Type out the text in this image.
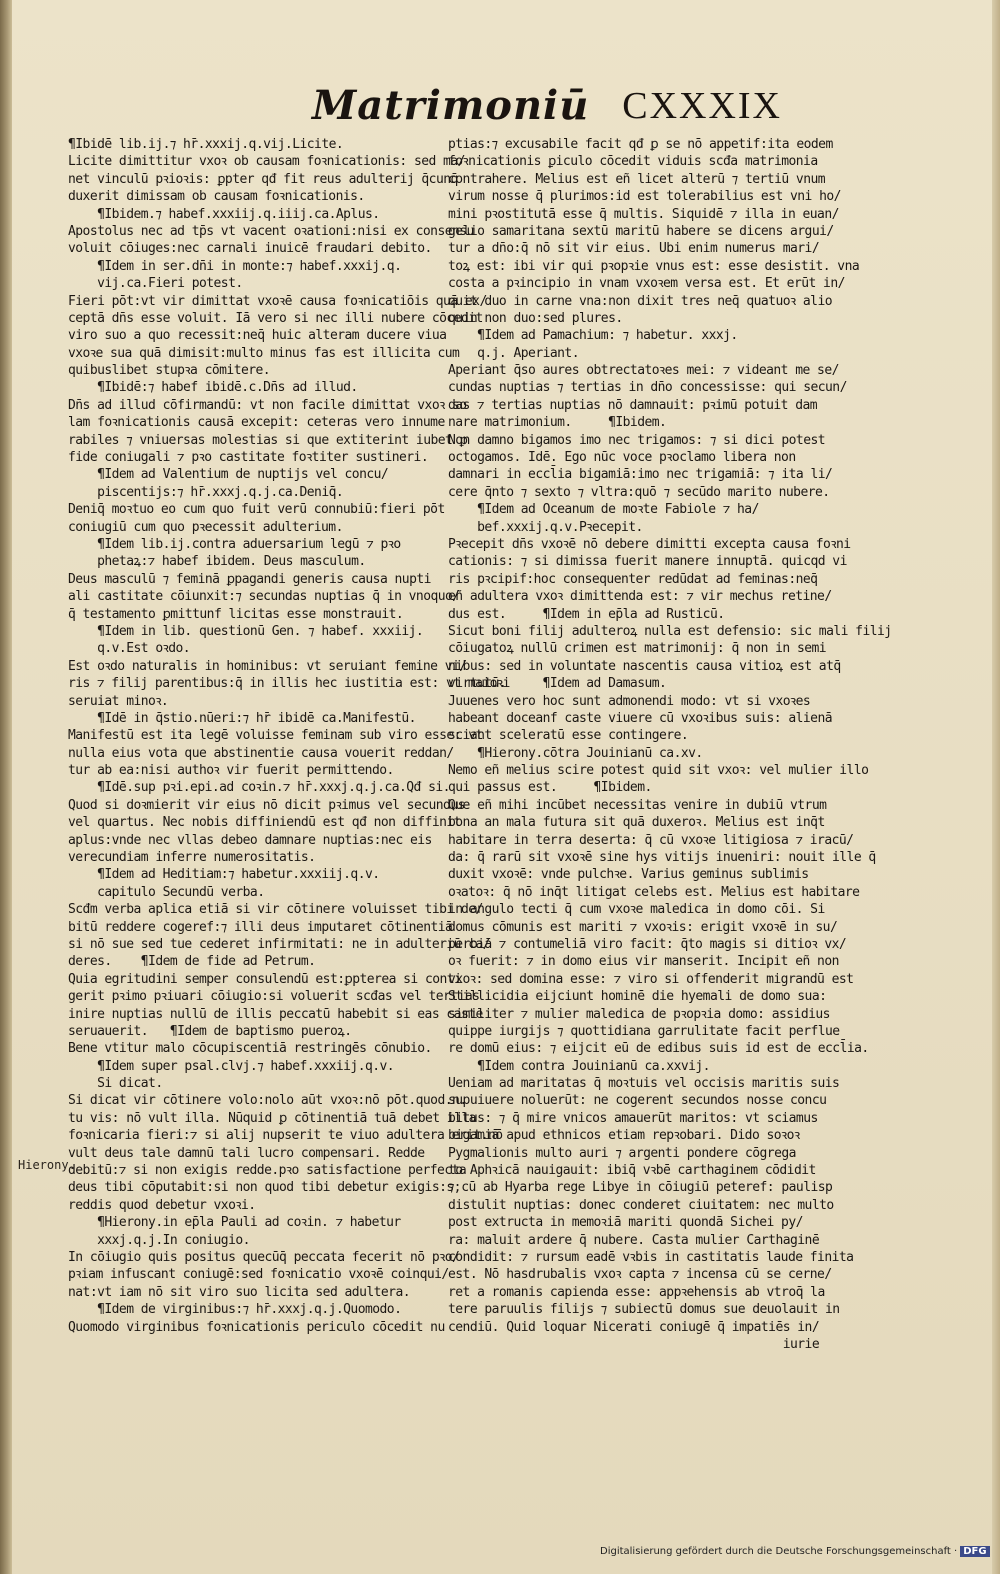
Matrimoniū CXXXIX
¶Ibidē lib.ij.⁊ hr̄.xxxij.q.vij.Licite.
Licite dimittitur vxoꝛ ob causam foꝛnicationis: sed ma/
net vinculū pꝛioꝛis: ꝑpter qđ fit reus adulterij q̄cunq̄
duxerit dimissam ob causam foꝛnicationis.
¶Ibidem.⁊ habef.xxxiij.q.iiij.ca.Aplus.
Apostolus nec ad tp̄s vt vacent oꝛationi:nisi ex consensu
voluit cōiuges:nec carnali inuicē fraudari debito.
¶Idem in ser.dn̄i in monte:⁊ habef.xxxij.q.
vij.ca.Fieri potest.
Fieri pōt:vt vir dimittat vxoꝛē causa foꝛnicatiōis quā ex/
ceptā dn̄s esse voluit. Iā vero si nec illi nubere cōcedit
viro suo a quo recessit:neq̄ huic alteram ducere viua
vxoꝛe sua quā dimisit:multo minus fas est illicita cum
quibuslibet stupꝛa cōmitere.
¶Ibidē:⁊ habef ibidē.c.Dn̄s ad illud.
Dn̄s ad illud cōfirmandū: vt non facile dimittat vxoꝛ so
lam foꝛnicationis causā excepit: ceteras vero innume
rabiles ⁊ vniuersas molestias si que extiterint iubet ꝑ
fide coniugali ⁊ pꝛo castitate foꝛtiter sustineri.
¶Idem ad Valentium de nuptijs vel concu/
piscentijs:⁊ hr̄.xxxj.q.j.ca.Deniq̄.
Deniq̄ moꝛtuo eo cum quo fuit verū connubiū:fieri pōt
coniugiū cum quo pꝛecessit adulterium.
¶Idem lib.ij.contra aduersarium legū ⁊ pꝛo
phetaꝝ:⁊ habef ibidem. Deus masculum.
Deus masculū ⁊ feminā ꝑpagandi generis causa nupti
ali castitate cōiunxit:⁊ secundas nuptias q̄ in vnoquo/
q̄ testamento ꝑmittunf licitas esse monstrauit.
¶Idem in lib. questionū Gen. ⁊ habef. xxxiij.
q.v.Est oꝛdo.
Est oꝛdo naturalis in hominibus: vt seruiant femine vi/
ris ⁊ filij parentibus:q̄ in illis hec iustitia est: vt maioꝛi
seruiat minoꝛ.
¶Idē in q̄stio.nūeri:⁊ hr̄ ibidē ca.Manifestū.
Manifestū est ita legē voluisse feminam sub viro esse: vt
nulla eius vota que abstinentie causa vouerit reddan/
tur ab ea:nisi authoꝛ vir fuerit permittendo.
¶Idē.sup pꝛi.epi.ad coꝛin.⁊ hr̄.xxxj.q.j.ca.Qđ si.
Quod si doꝛmierit vir eius nō dicit pꝛimus vel secundus
vel quartus. Nec nobis diffiniendū est qđ non diffinit
aplus:vnde nec vllas debeo damnare nuptias:nec eis
verecundiam inferre numerositatis.
¶Idem ad Heditiam:⁊ habetur.xxxiij.q.v.
capitulo Secundū verba.
Scđm verba aplica etiā si vir cōtinere voluisset tibi de/
bitū reddere cogeref:⁊ illi deus imputaret cōtinentiā
si nō sue sed tue cederet infirmitati: ne in adulteriū ca/
deres.    ¶Idem de fide ad Petrum.
Quia egritudini semper consulendū est:ꝑpterea si conti
gerit pꝛimo pꝛiuari cōiugio:si voluerit scđas vel tertias
inire nuptias nullū de illis peccatū habebit si eas caste
seruauerit.   ¶Idem de baptismo pueroꝝ.
Bene vtitur malo cōcupiscentiā restringēs cōnubio.
¶Idem super psal.clvj.⁊ habef.xxxiij.q.v.
Si dicat.
Si dicat vir cōtinere volo:nolo aūt vxoꝛ:nō pōt.quod.n.
tu vis: nō vult illa. Nūquid ꝑ cōtinentiā tuā debet illa
foꝛnicaria fieri:⁊ si alij nupserit te viuo adultera erit.nō
vult deus tale damnū tali lucro compensari. Redde
debitū:⁊ si non exigis redde.pꝛo satisfactione perfecta
deus tibi cōputabit:si non quod tibi debetur exigis:s;
reddis quod debetur vxoꝛi.
¶Hierony.in ep̄la Pauli ad coꝛin. ⁊ habetur
xxxj.q.j.In coniugio.
In cōiugio quis positus quecūq̄ peccata fecerit nō pꝛo/
pꝛiam infuscant coniugē:sed foꝛnicatio vxoꝛē coinqui/
nat:vt iam nō sit viro suo licita sed adultera.
¶Idem de virginibus:⁊ hr̄.xxxj.q.j.Quomodo.
Quomodo virginibus foꝛnicationis periculo cōcedit nu
ptias:⁊ excusabile facit qđ ꝑ se nō appetif:ita eodem
foꝛnicationis ꝑiculo cōcedit viduis scđa matrimonia
contrahere. Melius est eñ licet alterū ⁊ tertiū vnum
virum nosse q̄ plurimos:id est tolerabilius est vni ho/
mini pꝛostitutā esse q̄ multis. Siquidē ⁊ illa in euan/
gelio samaritana sextū maritū habere se dicens argui/
tur a dn̄o:q̄ nō sit vir eius. Ubi enim numerus mari/
toꝝ est: ibi vir qui pꝛopꝛie vnus est: esse desistit. vna
costa a pꝛincipio in vnam vxoꝛem versa est. Et erūt in/
quit duo in carne vna:non dixit tres neq̄ quatuoꝛ alio
quin non duo:sed plures.
¶Idem ad Pamachium: ⁊ habetur. xxxj.
q.j. Aperiant.
Aperiant q̄so aures obtrectatoꝛes mei: ⁊ videant me se/
cundas nuptias ⁊ tertias in dn̄o concessisse: qui secun/
das ⁊ tertias nuptias nō damnauit: pꝛimū potuit dam
nare matrimonium.     ¶Ibidem.
Non damno bigamos imo nec trigamos: ⁊ si dici potest
octogamos. Idē. Ego nūc voce pꝛoclamo libera non
damnari in eccl̄ia bigamiā:imo nec trigamiā: ⁊ ita li/
cere q̄nto ⁊ sexto ⁊ vltra:quō ⁊ secūdo marito nubere.
¶Idem ad Oceanum de moꝛte Fabiole ⁊ ha/
bef.xxxij.q.v.Pꝛecepit.
Pꝛecepit dn̄s vxoꝛē nō debere dimitti excepta causa foꝛni
cationis: ⁊ si dimissa fuerit manere innuptā. quicqd vi
ris pꝛcipif:hoc consequenter redūdat ad feminas:neq̄
eñ adultera vxoꝛ dimittenda est: ⁊ vir mechus retine/
dus est.     ¶Idem in ep̄la ad Rusticū.
Sicut boni filij adulteroꝝ nulla est defensio: sic mali filij
cōiugatoꝝ nullū crimen est matrimonij: q̄ non in semi
nibus: sed in voluntate nascentis causa vitioꝝ est atq̄
virtutū.     ¶Idem ad Damasum.
Juuenes vero hoc sunt admonendi modo: vt si vxoꝛes
habeant doceanf caste viuere cū vxoꝛibus suis: alienā
sciant sceleratū esse contingere.
¶Hierony.cōtra Jouinianū ca.xv.
Nemo eñ melius scire potest quid sit vxoꝛ: vel mulier illo
qui passus est.     ¶Ibidem.
Que eñ mihi incūbet necessitas venire in dubiū vtrum
bona an mala futura sit quā duxeroꝛ. Melius est inq̄t
habitare in terra deserta: q̄ cū vxoꝛe litigiosa ⁊ iracū/
da: q̄ rarū sit vxoꝛē sine hys vitijs inueniri: nouit ille q̄
duxit vxoꝛē: vnde pulchꝛe. Varius geminus sublimis
oꝛatoꝛ: q̄ nō inq̄t litigat celebs est. Melius est habitare
in angulo tecti q̄ cum vxoꝛe maledica in domo cōi. Si
domus cōmunis est mariti ⁊ vxoꝛis: erigit vxoꝛē in su/
perbiā ⁊ contumeliā viro facit: q̄to magis si ditioꝛ vx/
oꝛ fuerit: ⁊ in domo eius vir manserit. Incipit eñ non
vxoꝛ: sed domina esse: ⁊ viro si offenderit migrandū est
Stillicidia eijciunt hominē die hyemali de domo sua:
similiter ⁊ mulier maledica de pꝛopꝛia domo: assidius
quippe iurgijs ⁊ quottidiana garrulitate facit perflue
re domū eius: ⁊ eijcit eū de edibus suis id est de eccl̄ia.
¶Idem contra Jouinianū ca.xxvij.
Ueniam ad maritatas q̄ moꝛtuis vel occisis maritis suis
supuiuere noluerūt: ne cogerent secundos nosse concu
bitus: ⁊ q̄ mire vnicos amauerūt maritos: vt sciamus
bigamiā apud ethnicos etiam repꝛobari. Dido soꝛoꝛ
Pygmalionis multo auri ⁊ argenti pondere cōgrega
to Aphꝛicā nauigauit: ibiq̄ vꝛbē carthaginem cōdidit
⁊ cū ab Hyarba rege Libye in cōiugiū peteref: paulisp
distulit nuptias: donec conderet ciuitatem: nec multo
post extructa in memoꝛiā mariti quondā Sichei py/
ra: maluit ardere q̄ nubere. Casta mulier Carthaginē
condidit: ⁊ rursum eadē vꝛbis in castitatis laude finita
est. Nō hasdrubalis vxoꝛ capta ⁊ incensa cū se cerne/
ret a romanis capienda esse: appꝛehensis ab vtroq̄ la
tere paruulis filijs ⁊ subiectū domus sue deuolauit in
cendiū. Quid loquar Nicerati coniugē q̄ impatiēs in/
iurie
Hierony.
Digitalisierung gefördert durch die Deutsche Forschungsgemeinschaft · DFG
